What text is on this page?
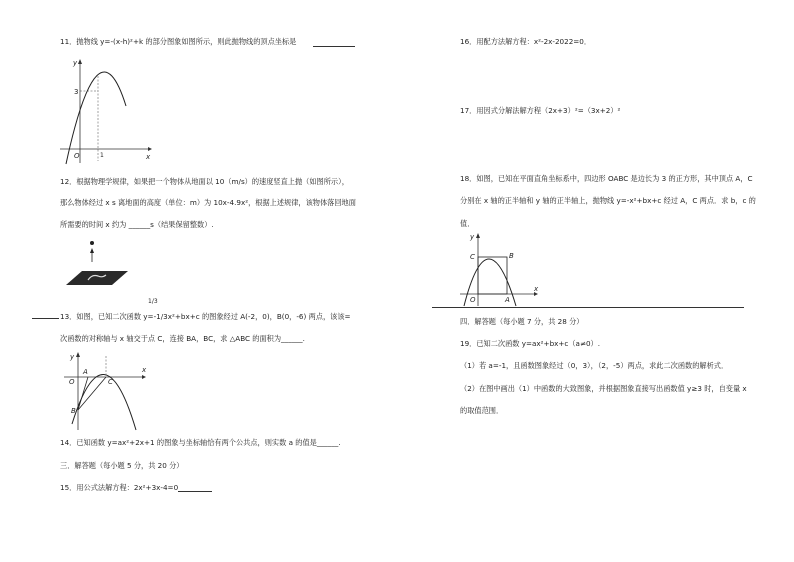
11．抛物线 y=-(x-h)²+k 的部分图象如图所示，则此抛物线的顶点坐标是
y
x
O
3
1
12．根据物理学规律，如果把一个物体从地面以 10（m/s）的速度竖直上抛（如图所示），
那么物体经过 x s 离地面的高度（单位：m）为 10x-4.9x²，根据上述规律，该物体落回地面
所需要的时间 x 约为 ______s（结果保留整数）.
1/3
13．如图，已知二次函数 y=-1/3x²+bx+c 的图象经过 A(-2，0)，B(0，-6) 两点，该该=
次函数的对称轴与 x 轴交于点 C，连接 BA，BC，求 △ABC 的面积为______.
y
x
O
A
B
C
14．已知函数 y=ax²+2x+1 的图象与坐标轴恰有两个公共点，则实数 a 的值是______.
三．解答题（每小题 5 分，共 20 分）
15．用公式法解方程：2x²+3x-4=0
16．用配方法解方程：x²-2x-2022=0．
17．用因式分解法解方程（2x+3）²=（3x+2）²
18．如图，已知在平面直角坐标系中，四边形 OABC 是边长为 3 的正方形，其中顶点 A，C
分别在 x 轴的正半轴和 y 轴的正半轴上，抛物线 y=-x²+bx+c 经过 A，C 两点．求 b，c 的
值．
y
x
O	A
B
C
四．解答题（每小题 7 分，共 28 分）
19．已知二次函数 y=ax²+bx+c（a≠0）.
（1）若 a=-1，且函数图象经过（0，3），（2，-5）两点，求此二次函数的解析式．
（2）在图中画出（1）中函数的大致图象，并根据图象直接写出函数值 y≥3 时，自变量 x
的取值范围．
